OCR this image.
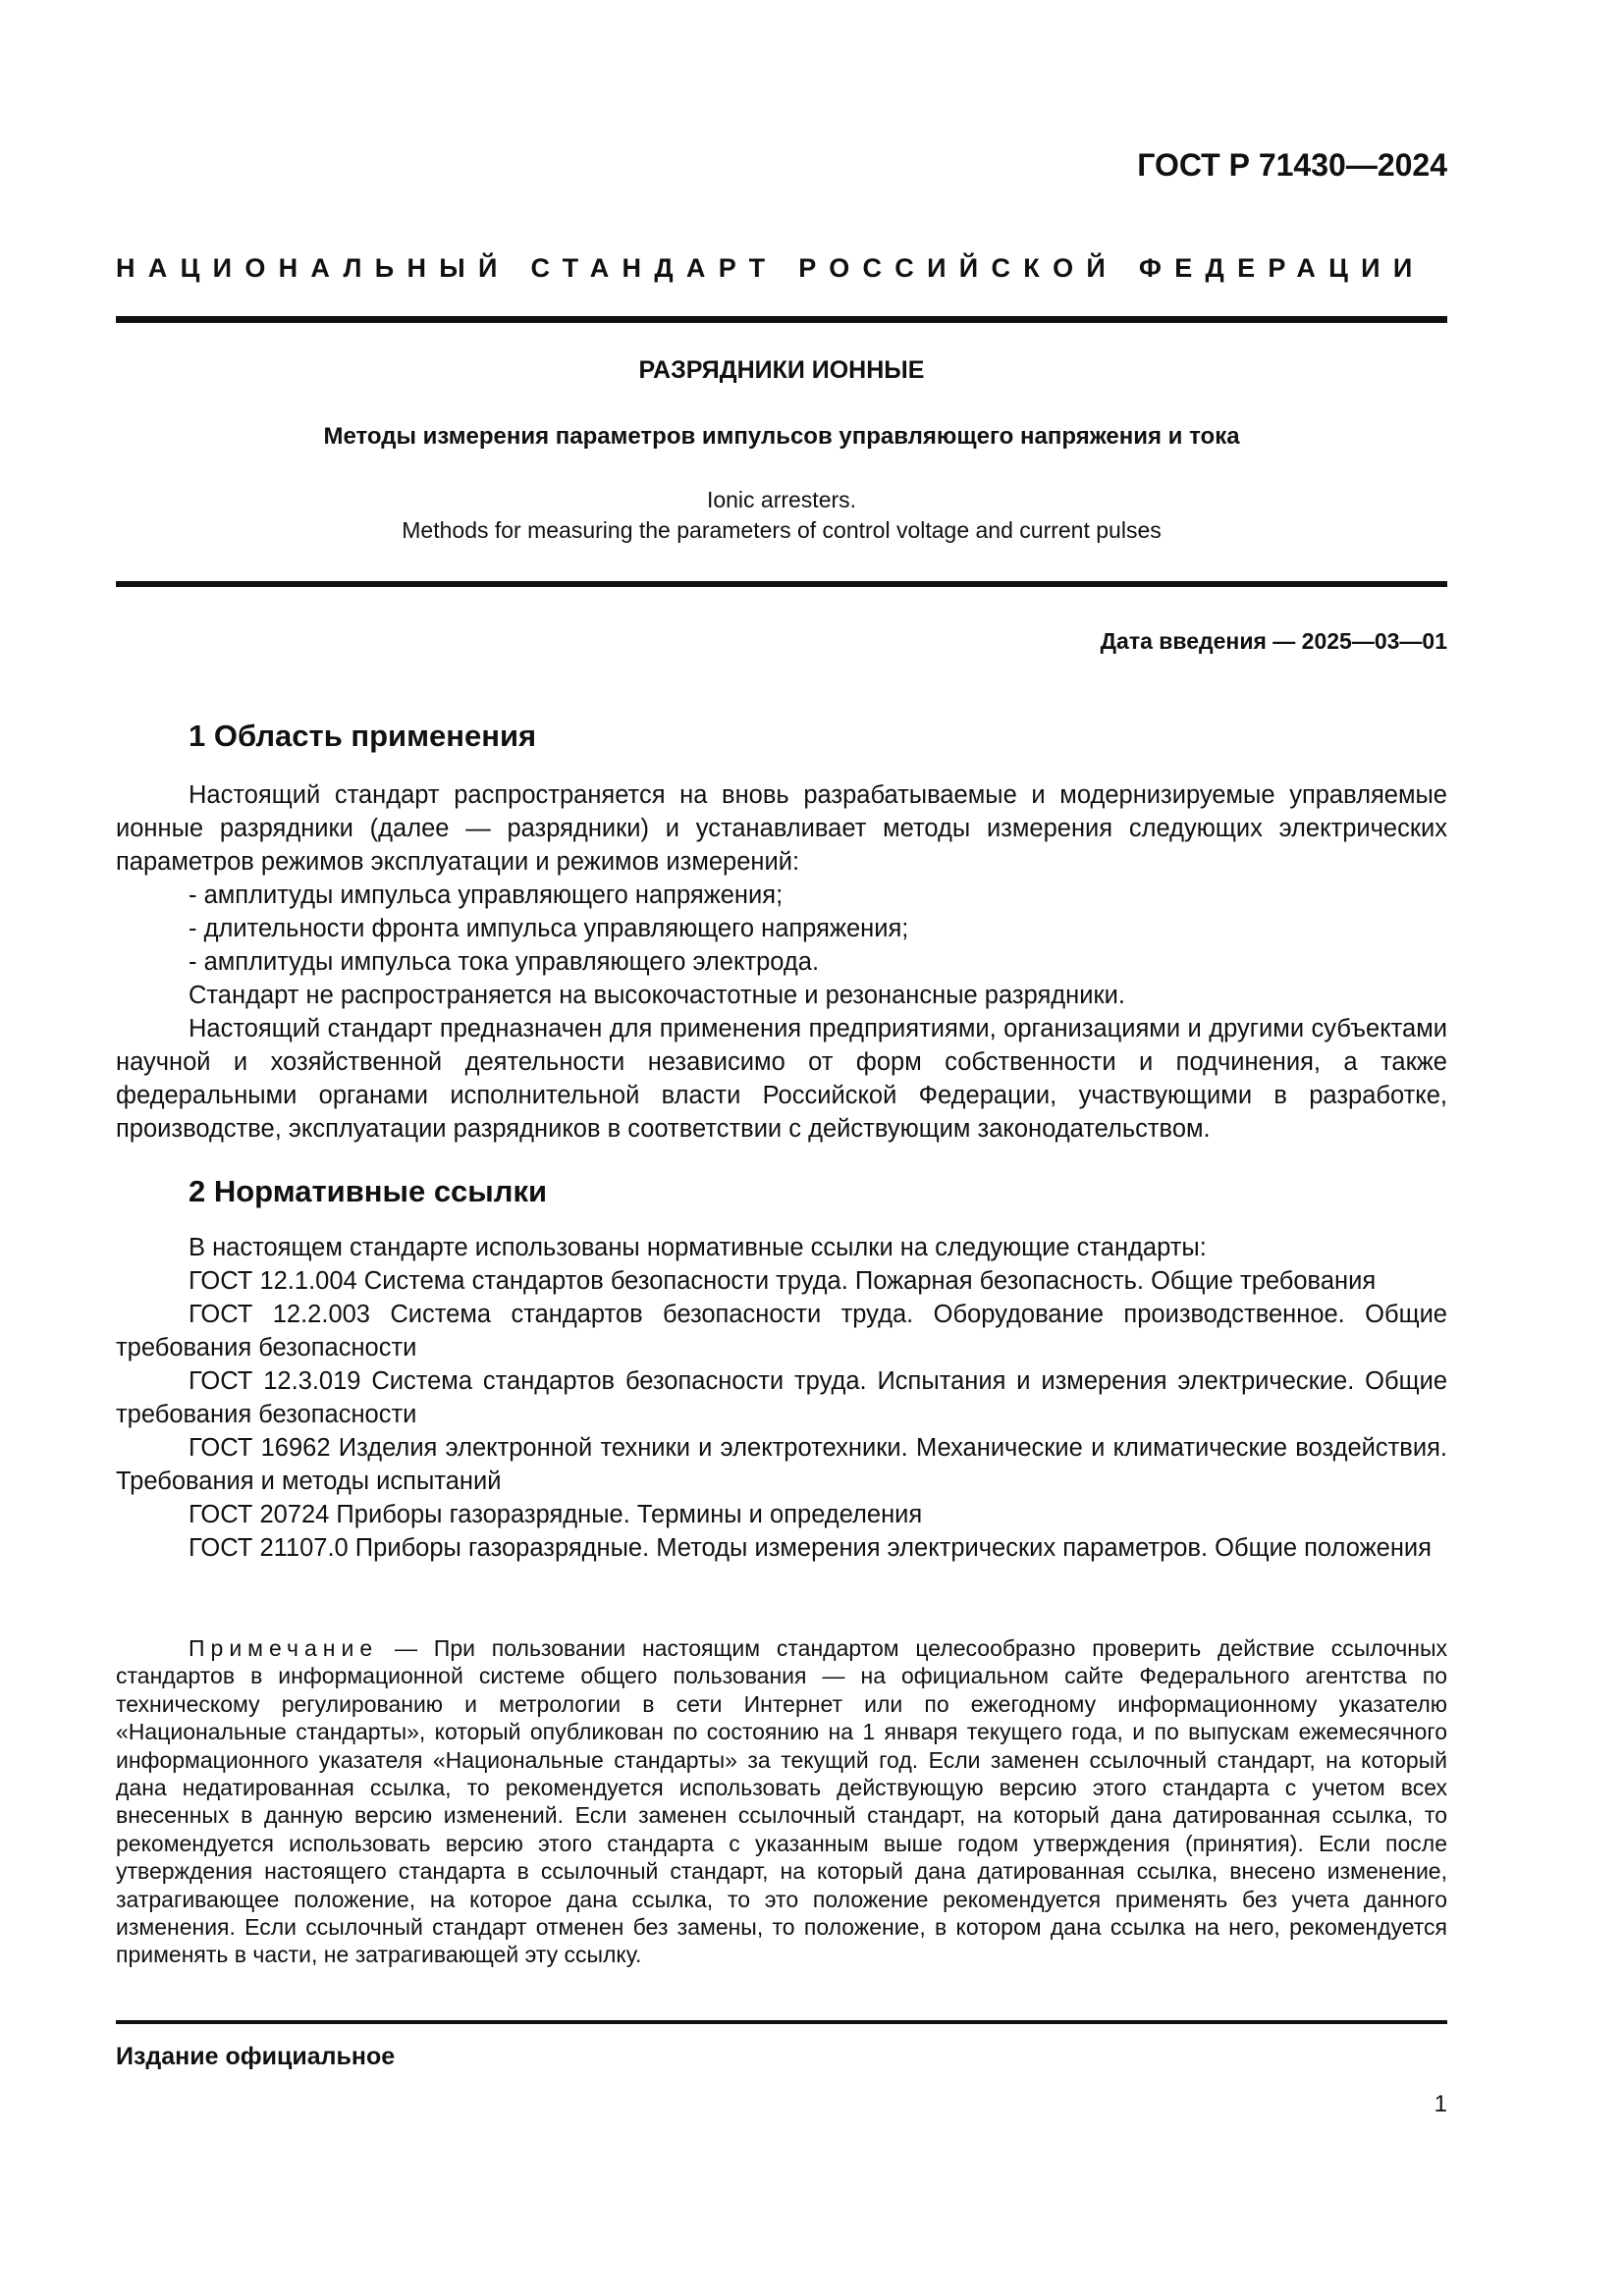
ГОСТ Р 71430—2024

НАЦИОНАЛЬНЫЙ СТАНДАРТ РОССИЙСКОЙ ФЕДЕРАЦИИ

РАЗРЯДНИКИ ИОННЫЕ

Методы измерения параметров импульсов управляющего напряжения и тока

Ionic arresters.
Methods for measuring the parameters of control voltage and current pulses

Дата введения — 2025—03—01

1 Область применения

Настоящий стандарт распространяется на вновь разрабатываемые и модернизируемые управляемые ионные разрядники (далее — разрядники) и устанавливает методы измерения следующих электрических параметров режимов эксплуатации и режимов измерений:

- амплитуды импульса управляющего напряжения;

- длительности фронта импульса управляющего напряжения;

- амплитуды импульса тока управляющего электрода.

Стандарт не распространяется на высокочастотные и резонансные разрядники.

Настоящий стандарт предназначен для применения предприятиями, организациями и другими субъектами научной и хозяйственной деятельности независимо от форм собственности и подчинения, а также федеральными органами исполнительной власти Российской Федерации, участвующими в разработке, производстве, эксплуатации разрядников в соответствии с действующим законодательством.

2 Нормативные ссылки

В настоящем стандарте использованы нормативные ссылки на следующие стандарты:

ГОСТ 12.1.004 Система стандартов безопасности труда. Пожарная безопасность. Общие требования

ГОСТ 12.2.003 Система стандартов безопасности труда. Оборудование производственное. Общие требования безопасности

ГОСТ 12.3.019 Система стандартов безопасности труда. Испытания и измерения электрические. Общие требования безопасности

ГОСТ 16962 Изделия электронной техники и электротехники. Механические и климатические воздействия. Требования и методы испытаний

ГОСТ 20724 Приборы газоразрядные. Термины и определения

ГОСТ 21107.0 Приборы газоразрядные. Методы измерения электрических параметров. Общие положения

Примечание — При пользовании настоящим стандартом целесообразно проверить действие ссылочных стандартов в информационной системе общего пользования — на официальном сайте Федерального агентства по техническому регулированию и метрологии в сети Интернет или по ежегодному информационному указателю «Национальные стандарты», который опубликован по состоянию на 1 января текущего года, и по выпускам ежемесячного информационного указателя «Национальные стандарты» за текущий год. Если заменен ссылочный стандарт, на который дана недатированная ссылка, то рекомендуется использовать действующую версию этого стандарта с учетом всех внесенных в данную версию изменений. Если заменен ссылочный стандарт, на который дана датированная ссылка, то рекомендуется использовать версию этого стандарта с указанным выше годом утверждения (принятия). Если после утверждения настоящего стандарта в ссылочный стандарт, на который дана датированная ссылка, внесено изменение, затрагивающее положение, на которое дана ссылка, то это положение рекомендуется применять без учета данного изменения. Если ссылочный стандарт отменен без замены, то положение, в котором дана ссылка на него, рекомендуется применять в части, не затрагивающей эту ссылку.

Издание официальное

1
